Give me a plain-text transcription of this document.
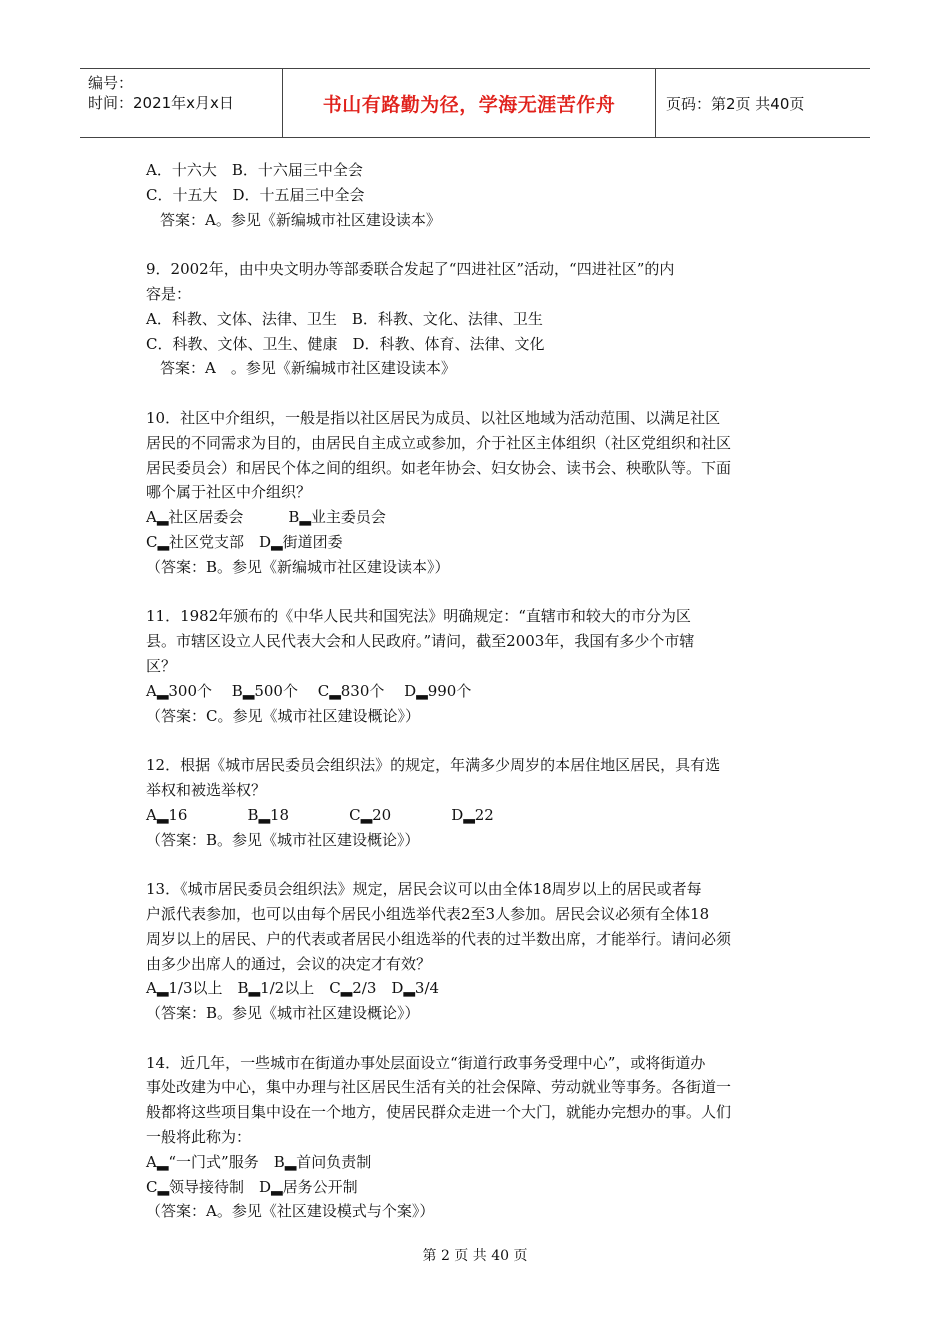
编号：
时间：2021年x月x日	书山有路勤为径，学海无涯苦作舟	页码：第2页 共40页
A．十六大　B．十六届三中全会
C．十五大　D．十五届三中全会
答案：A。参见《新编城市社区建设读本》
9．2002年，由中央文明办等部委联合发起了“四进社区”活动，“四进社区”的内
容是：
A．科教、文体、法律、卫生　B．科教、文化、法律、卫生
C．科教、文体、卫生、健康　D．科教、体育、法律、文化
答案：A　。参见《新编城市社区建设读本》
10．社区中介组织，一般是指以社区居民为成员、以社区地域为活动范围、以满足社区
居民的不同需求为目的，由居民自主成立或参加，介于社区主体组织（社区党组织和社区
居民委员会）和居民个体之间的组织。如老年协会、妇女协会、读书会、秧歌队等。下面
哪个属于社区中介组织？
A▂社区居委会　　　B▂业主委员会
C▂社区党支部　D▂街道团委
（答案：B。参见《新编城市社区建设读本》）
11．1982年颁布的《中华人民共和国宪法》明确规定：“直辖市和较大的市分为区
县。市辖区设立人民代表大会和人民政府。”请问，截至2003年，我国有多少个市辖
区？
A▂300个　 B▂500个　 C▂830个　 D▂990个
（答案：C。参见《城市社区建设概论》）
12．根据《城市居民委员会组织法》的规定，年满多少周岁的本居住地区居民，具有选
举权和被选举权？
A▂16　　　　B▂18　　　　C▂20　　　　D▂22
（答案：B。参见《城市社区建设概论》）
13．《城市居民委员会组织法》规定，居民会议可以由全体18周岁以上的居民或者每
户派代表参加，也可以由每个居民小组选举代表2至3人参加。居民会议必须有全体18
周岁以上的居民、户的代表或者居民小组选举的代表的过半数出席，才能举行。请问必须
由多少出席人的通过，会议的决定才有效？
A▂1/3以上　B▂1/2以上　C▂2/3　D▂3/4
（答案：B。参见《城市社区建设概论》）
14．近几年，一些城市在街道办事处层面设立“街道行政事务受理中心”，或将街道办
事处改建为中心，集中办理与社区居民生活有关的社会保障、劳动就业等事务。各街道一
般都将这些项目集中设在一个地方，使居民群众走进一个大门，就能办完想办的事。人们
一般将此称为：
A▂“一门式”服务　B▂首问负责制
C▂领导接待制　D▂居务公开制
（答案：A。参见《社区建设模式与个案》）
第 2 页 共 40 页
